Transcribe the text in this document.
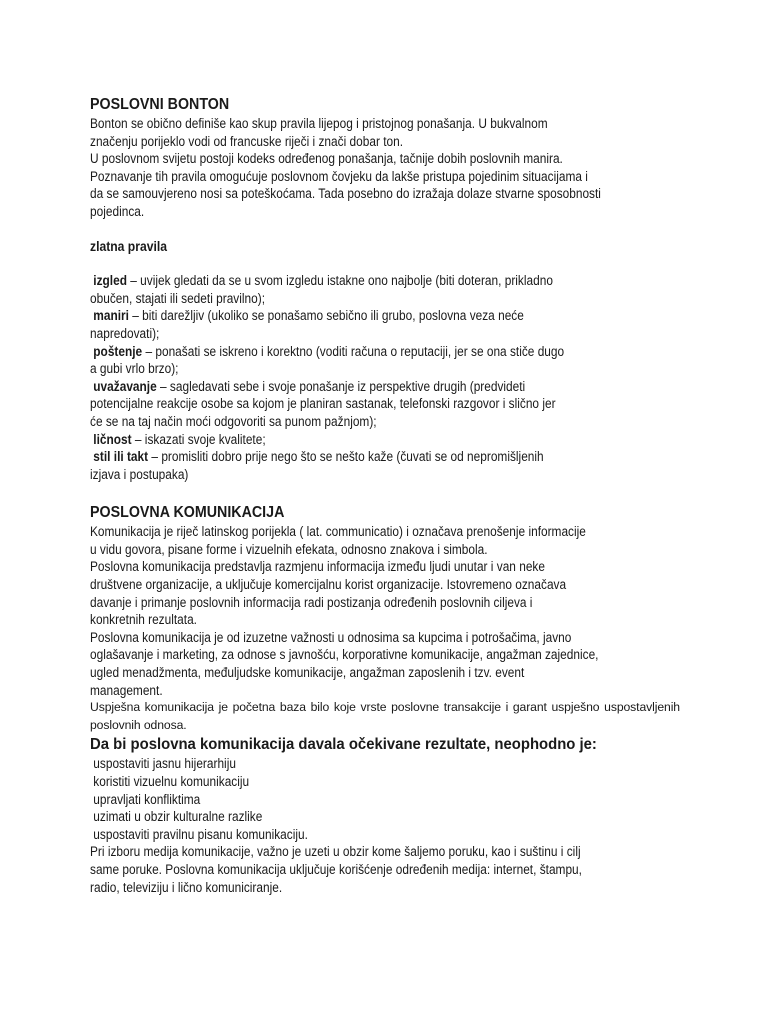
POSLOVNI BONTON
Bonton se obično definiše kao skup pravila lijepog i pristojnog ponašanja. U bukvalnom
značenju porijeklo vodi od francuske riječi i znači dobar ton.
U poslovnom svijetu postoji kodeks određenog ponašanja, tačnije dobih poslovnih manira.
Poznavanje tih pravila omogućuje poslovnom čovjeku da lakše pristupa pojedinim situacijama i
da se samouvjereno nosi sa poteškoćama. Tada posebno do izražaja dolaze stvarne sposobnosti
pojedinca.
zlatna pravila
izgled – uvijek gledati da se u svom izgledu istakne ono najbolje (biti doteran, prikladno
obučen, stajati ili sedeti pravilno);
maniri – biti darežljiv (ukoliko se ponašamo sebično ili grubo, poslovna veza neće
napredovati);
poštenje – ponašati se iskreno i korektno (voditi računa o reputaciji, jer se ona stiče dugo
a gubi vrlo brzo);
uvažavanje – sagledavati sebe i svoje ponašanje iz perspektive drugih (predvideti
potencijalne reakcije osobe sa kojom je planiran sastanak, telefonski razgovor i slično jer
će se na taj način moći odgovoriti sa punom pažnjom);
ličnost – iskazati svoje kvalitete;
stil ili takt – promisliti dobro prije nego što se nešto kaže (čuvati se od nepromišljenih
izjava i postupaka)
POSLOVNA KOMUNIKACIJA
Komunikacija je riječ latinskog porijekla ( lat. communicatio) i označava prenošenje informacije
u vidu govora, pisane forme i vizuelnih efekata, odnosno znakova i simbola.
Poslovna komunikacija predstavlja razmjenu informacija između ljudi unutar i van neke
društvene organizacije, a uključuje komercijalnu korist organizacije. Istovremeno označava
davanje i primanje poslovnih informacija radi postizanja određenih poslovnih ciljeva i
konkretnih rezultata.
Poslovna komunikacija je od izuzetne važnosti u odnosima sa kupcima i potrošačima, javno
oglašavanje i marketing, za odnose s javnošću, korporativne komunikacije, angažman zajednice,
ugled menadžmenta, međuljudske komunikacije, angažman zaposlenih i tzv. event
management.
Uspješna komunikacija je početna baza bilo koje vrste poslovne transakcije i garant uspješno uspostavljenih poslovnih odnosa.
Da bi poslovna komunikacija davala očekivane rezultate, neophodno je:
uspostaviti jasnu hijerarhiju
koristiti vizuelnu komunikaciju
upravljati konfliktima
uzimati u obzir kulturalne razlike
uspostaviti pravilnu pisanu komunikaciju.
Pri izboru medija komunikacije, važno je uzeti u obzir kome šaljemo poruku, kao i suštinu i cilj
same poruke. Poslovna komunikacija uključuje korišćenje određenih medija: internet, štampu,
radio, televiziju i lično komuniciranje.
